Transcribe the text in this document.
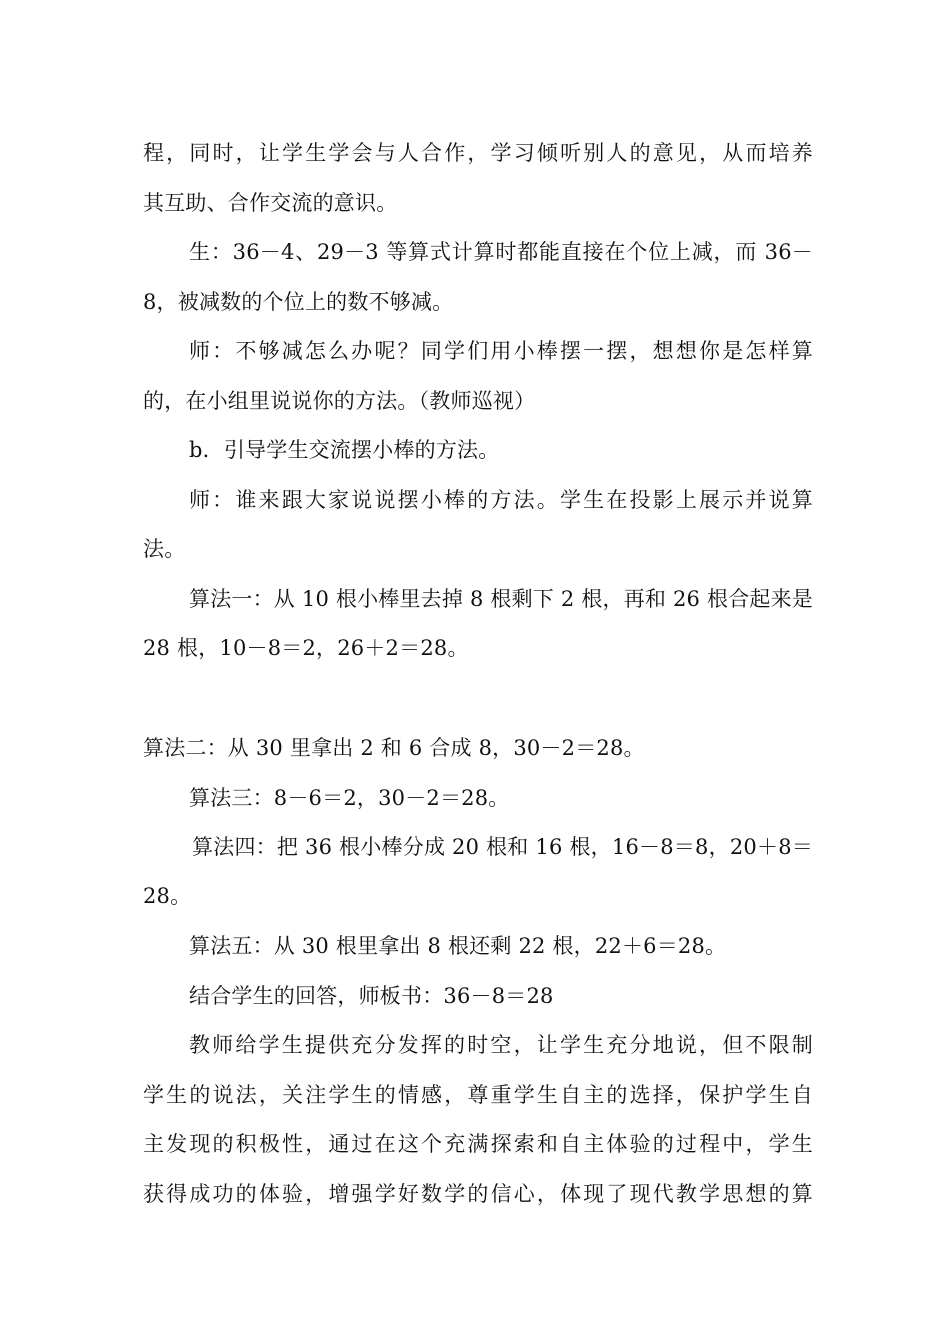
程，同时，让学生学会与人合作，学习倾听别人的意见，从而培养
其互助、合作交流的意识。
生：36－4、29－3 等算式计算时都能直接在个位上减，而 36－
8，被减数的个位上的数不够减。
师：不够减怎么办呢？同学们用小棒摆一摆，想想你是怎样算
的，在小组里说说你的方法。（教师巡视）
b．引导学生交流摆小棒的方法。
师：谁来跟大家说说摆小棒的方法。学生在投影上展示并说算
法。
算法一：从 10 根小棒里去掉 8 根剩下 2 根，再和 26 根合起来是
28 根，10－8＝2，26＋2＝28。
算法二：从 30 里拿出 2 和 6 合成 8，30－2＝28。
算法三：8－6＝2，30－2＝28。
算法四：把 36 根小棒分成 20 根和 16 根，16－8＝8，20＋8＝
28。
算法五：从 30 根里拿出 8 根还剩 22 根，22＋6＝28。
结合学生的回答，师板书：36－8＝28
教师给学生提供充分发挥的时空，让学生充分地说，但不限制
学生的说法，关注学生的情感，尊重学生自主的选择，保护学生自
主发现的积极性，通过在这个充满探索和自主体验的过程中，学生
获得成功的体验，增强学好数学的信心，体现了现代教学思想的算
